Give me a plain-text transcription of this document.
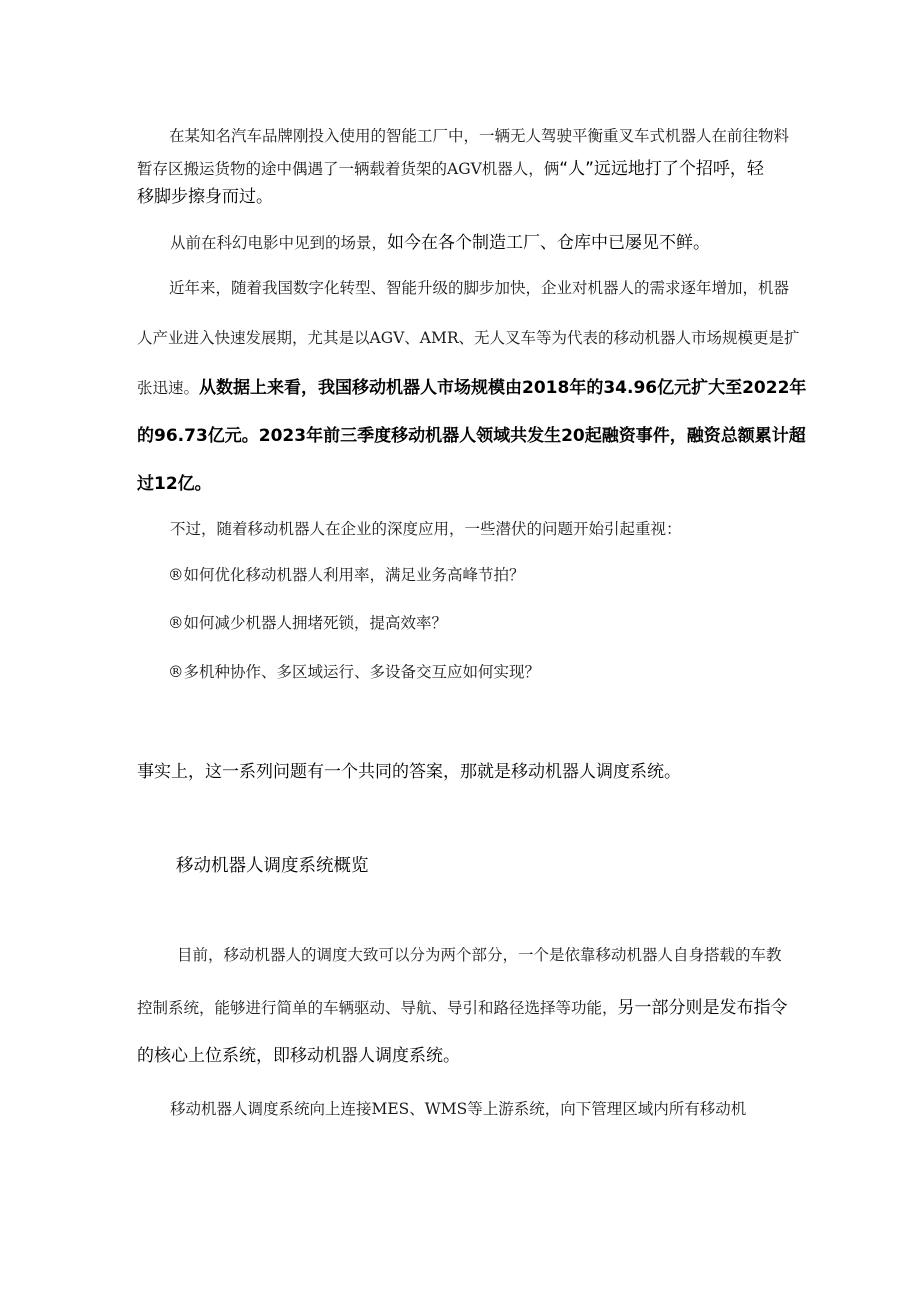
在某知名汽车品牌刚投入使用的智能工厂中，一辆无人驾驶平衡重叉车式机器人在前往物料

暂存区搬运货物的途中偶遇了一辆载着货架的AGV机器人，俩“人”远远地打了个招呼，轻

移脚步擦身而过。

从前在科幻电影中见到的场景，如今在各个制造工厂、仓库中已屡见不鲜。

近年来，随着我国数字化转型、智能升级的脚步加快，企业对机器人的需求逐年增加，机器

人产业进入快速发展期，尤其是以AGV、AMR、无人叉车等为代表的移动机器人市场规模更是扩

张迅速。从数据上来看，我国移动机器人市场规模由2018年的34.96亿元扩大至2022年

的96.73亿元。2023年前三季度移动机器人领域共发生20起融资事件，融资总额累计超

过12亿。

不过，随着移动机器人在企业的深度应用，一些潜伏的问题开始引起重视：

®如何优化移动机器人利用率，满足业务高峰节拍？

®如何减少机器人拥堵死锁，提高效率？

®多机种协作、多区域运行、多设备交互应如何实现？

事实上，这一系列问题有一个共同的答案，那就是移动机器人调度系统。

移动机器人调度系统概览

目前，移动机器人的调度大致可以分为两个部分，一个是依靠移动机器人自身搭载的车教

控制系统，能够进行简单的车辆驱动、导航、导引和路径选择等功能，另一部分则是发布指令

的核心上位系统，即移动机器人调度系统。

移动机器人调度系统向上连接MES、WMS等上游系统，向下管理区域内所有移动机
